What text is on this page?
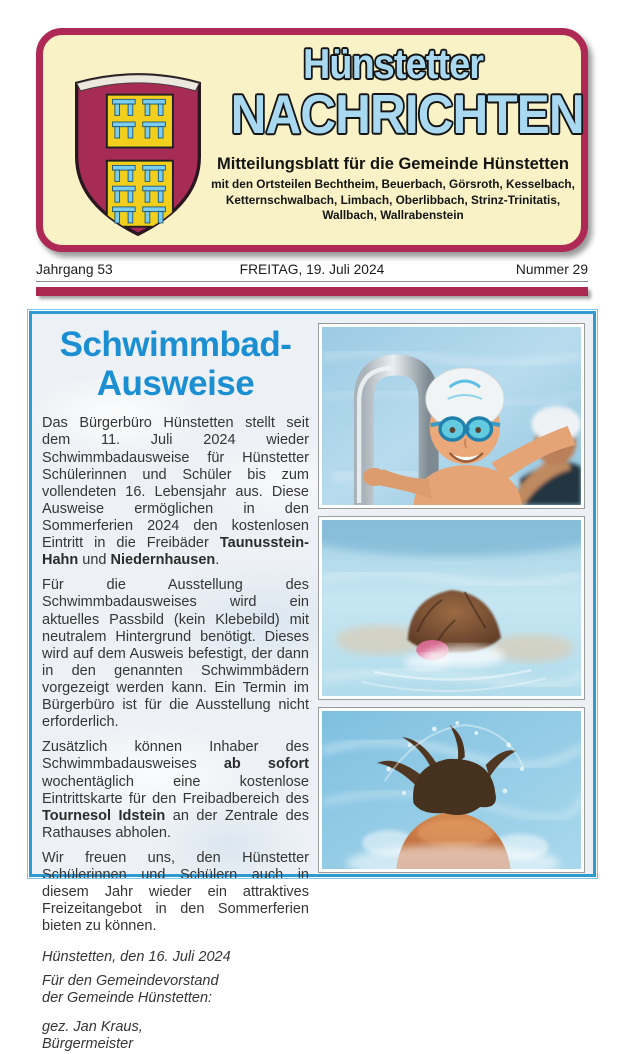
Hünstetter
NACHRICHTEN
Mitteilungsblatt für die Gemeinde Hünstetten
mit den Ortsteilen Bechtheim, Beuerbach, Görsroth, Kesselbach,
Ketternschwalbach, Limbach, Oberlibbach, Strinz-Trinitatis,
Wallbach, Wallrabenstein
Jahrgang 53	FREITAG, 19. Juli 2024	Nummer 29
Schwimmbad-
Ausweise

Das Bürgerbüro Hünstetten stellt seit dem 11. Juli 2024 wieder Schwimmbadausweise für Hünstetter Schülerinnen und Schüler bis zum vollendeten 16. Lebensjahr aus. Diese Ausweise ermöglichen in den Sommerferien 2024 den kostenlosen Eintritt in die Freibäder Taunusstein-Hahn und Niedernhausen.

Für die Ausstellung des Schwimmbadausweises wird ein aktuelles Passbild (kein Klebebild) mit neutralem Hintergrund benötigt. Dieses wird auf dem Ausweis befestigt, der dann in den genannten Schwimmbädern vorgezeigt werden kann. Ein Termin im Bürgerbüro ist für die Ausstellung nicht erforderlich.

Zusätzlich können Inhaber des Schwimmbadausweises ab sofort wochentäglich eine kostenlose Eintrittskarte für den Freibadbereich des Tournesol Idstein an der Zentrale des Rathauses abholen.

Wir freuen uns, den Hünstetter Schülerinnen und Schülern auch in diesem Jahr wieder ein attraktives Freizeitangebot in den Sommerferien bieten zu können.

Hünstetten, den 16. Juli 2024
Für den Gemeindevorstand
der Gemeinde Hünstetten:
gez. Jan Kraus,
Bürgermeister
